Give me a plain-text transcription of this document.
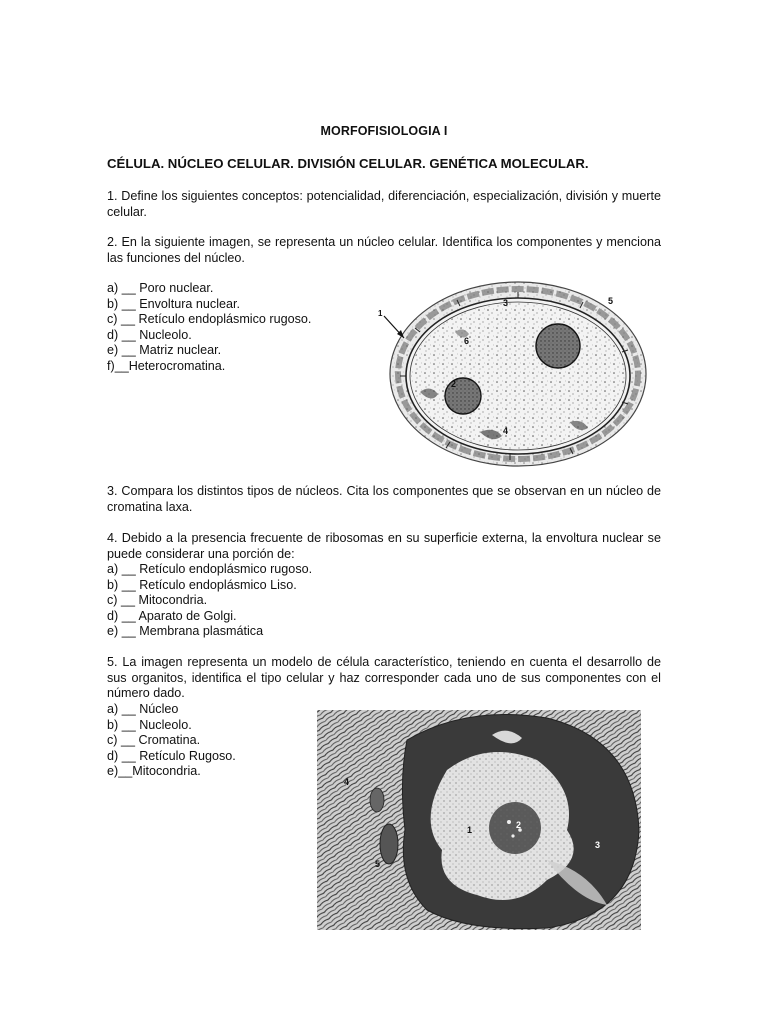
MORFOFISIOLOGIA I
CÉLULA. NÚCLEO CELULAR. DIVISIÓN CELULAR. GENÉTICA MOLECULAR.

1. Define los siguientes conceptos: potencialidad, diferenciación, especialización, división y muerte celular.

2. En la siguiente imagen, se representa un núcleo celular. Identifica los componentes y menciona las funciones del núcleo.

a) __ Poro nuclear.
b) __ Envoltura nuclear.
c) __ Retículo endoplásmico rugoso.
d) __ Nucleolo.
e) __ Matriz nuclear.
f)__Heterocromatina.
1
2
3
4
5
6

3. Compara los distintos tipos de núcleos. Cita los componentes que se observan en un núcleo de cromatina laxa.

4. Debido a la presencia frecuente de ribosomas en su superficie externa, la envoltura nuclear se puede considerar una porción de:

a) __ Retículo endoplásmico rugoso.
b) __ Retículo endoplásmico Liso.
c) __ Mitocondria.
d) __ Aparato de Golgi.
e) __ Membrana plasmática

5. La imagen representa un modelo de célula característico, teniendo en cuenta el desarrollo de sus organitos, identifica el tipo celular y haz corresponder cada uno de sus componentes con el número dado.

a) __ Núcleo
b) __ Nucleolo.
c) __ Cromatina.
d) __ Retículo Rugoso.
e)__Mitocondria.
4
1	2
3
5
